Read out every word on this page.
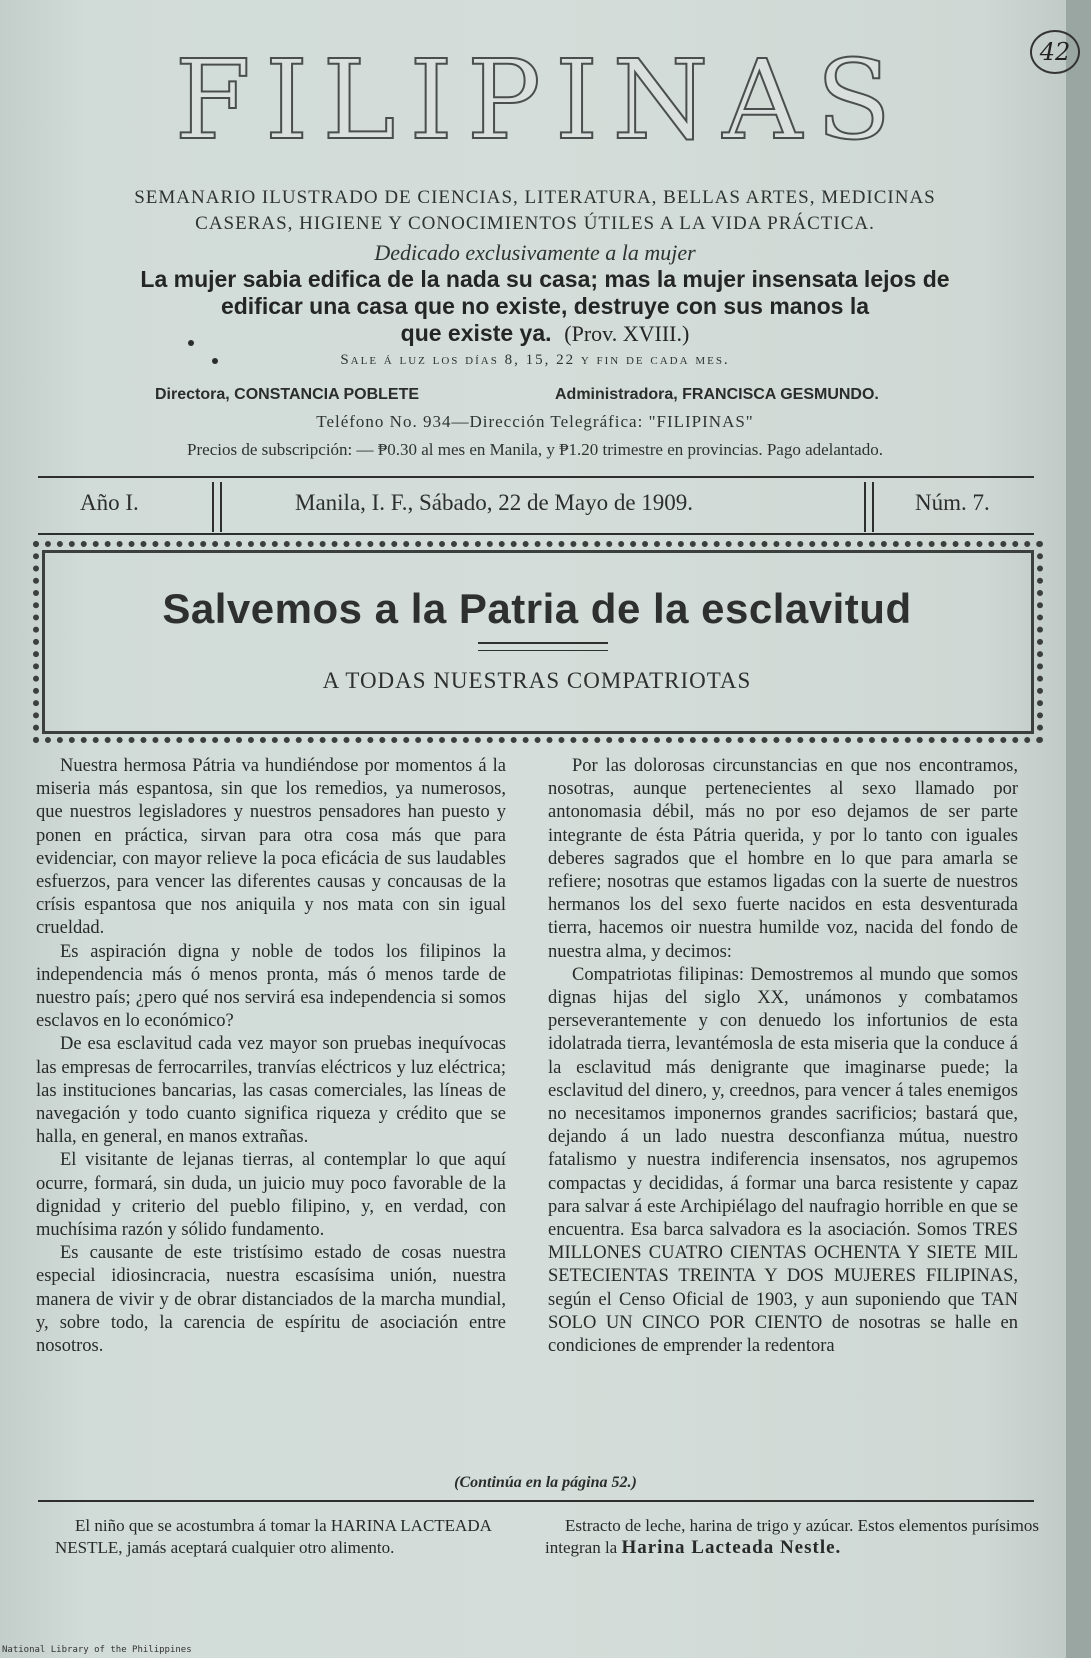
42
FILIPINAS
SEMANARIO ILUSTRADO DE CIENCIAS, LITERATURA, BELLAS ARTES, MEDICINAS
CASERAS, HIGIENE Y CONOCIMIENTOS ÚTILES A LA VIDA PRÁCTICA.
Dedicado exclusivamente a la mujer
La mujer sabia edifica de la nada su casa; mas la mujer insensata lejos de
edificar una casa que no existe, destruye con sus manos la
que existe ya. (Prov. XVIII.)
Sale á luz los días 8, 15, 22 y fin de cada mes.
Directora, CONSTANCIA POBLETE	Administradora, FRANCISCA GESMUNDO.
Teléfono No. 934—Dirección Telegráfica: "FILIPINAS"
Precios de subscripción: — ₱0.30 al mes en Manila, y ₱1.20 trimestre en provincias. Pago adelantado.
Año I.	Manila, I. F., Sábado, 22 de Mayo de 1909.	Núm. 7.
Salvemos a la Patria de la esclavitud
A TODAS NUESTRAS COMPATRIOTAS

Nuestra hermosa Pátria va hundiéndose por momentos á la miseria más espantosa, sin que los remedios, ya numerosos, que nuestros legisladores y nuestros pensadores han puesto y ponen en práctica, sirvan para otra cosa más que para evidenciar, con mayor relieve la poca eficácia de sus laudables esfuerzos, para vencer las diferentes causas y concausas de la crísis espantosa que nos aniquila y nos mata con sin igual crueldad.

Es aspiración digna y noble de todos los filipinos la independencia más ó menos pronta, más ó menos tarde de nuestro país; ¿pero qué nos servirá esa independencia si somos esclavos en lo económico?

De esa esclavitud cada vez mayor son pruebas inequívocas las empresas de ferrocarriles, tranvías eléctricos y luz eléctrica; las instituciones bancarias, las casas comerciales, las líneas de navegación y todo cuanto significa riqueza y crédito que se halla, en general, en manos extrañas.

El visitante de lejanas tierras, al contemplar lo que aquí ocurre, formará, sin duda, un juicio muy poco favorable de la dignidad y criterio del pueblo filipino, y, en verdad, con muchísima razón y sólido fundamento.

Es causante de este tristísimo estado de cosas nuestra especial idiosincracia, nuestra escasísima unión, nuestra manera de vivir y de obrar distanciados de la marcha mundial, y, sobre todo, la carencia de espíritu de asociación entre nosotros.

Por las dolorosas circunstancias en que nos encontramos, nosotras, aunque pertenecientes al sexo llamado por antonomasia débil, más no por eso dejamos de ser parte integrante de ésta Pátria querida, y por lo tanto con iguales deberes sagrados que el hombre en lo que para amarla se refiere; nosotras que estamos ligadas con la suerte de nuestros hermanos los del sexo fuerte nacidos en esta desventurada tierra, hacemos oir nuestra humilde voz, nacida del fondo de nuestra alma, y decimos:

Compatriotas filipinas: Demostremos al mundo que somos dignas hijas del siglo XX, unámonos y combatamos perseverantemente y con denuedo los infortunios de esta idolatrada tierra, levantémosla de esta miseria que la conduce á la esclavitud más denigrante que imaginarse puede; la esclavitud del dinero, y, creednos, para vencer á tales enemigos no necesitamos imponernos grandes sacrificios; bastará que, dejando á un lado nuestra desconfianza mútua, nuestro fatalismo y nuestra indiferencia insensatos, nos agrupemos compactas y decididas, á formar una barca resistente y capaz para salvar á este Archipiélago del naufragio horrible en que se encuentra. Esa barca salvadora es la asociación. Somos TRES MILLONES CUATRO CIENTAS OCHENTA Y SIETE MIL SETECIENTAS TREINTA Y DOS MUJERES FILIPINAS, según el Censo Oficial de 1903, y aun suponiendo que TAN SOLO UN CINCO POR CIENTO de nosotras se halle en condiciones de emprender la redentora

(Continúa en la página 52.)

El niño que se acostumbra á tomar la HARINA LACTEADA NESTLE, jamás aceptará cualquier otro alimento.

Estracto de leche, harina de trigo y azúcar. Estos elementos purísimos integran la Harina Lacteada Nestle.

National Library of the Philippines
